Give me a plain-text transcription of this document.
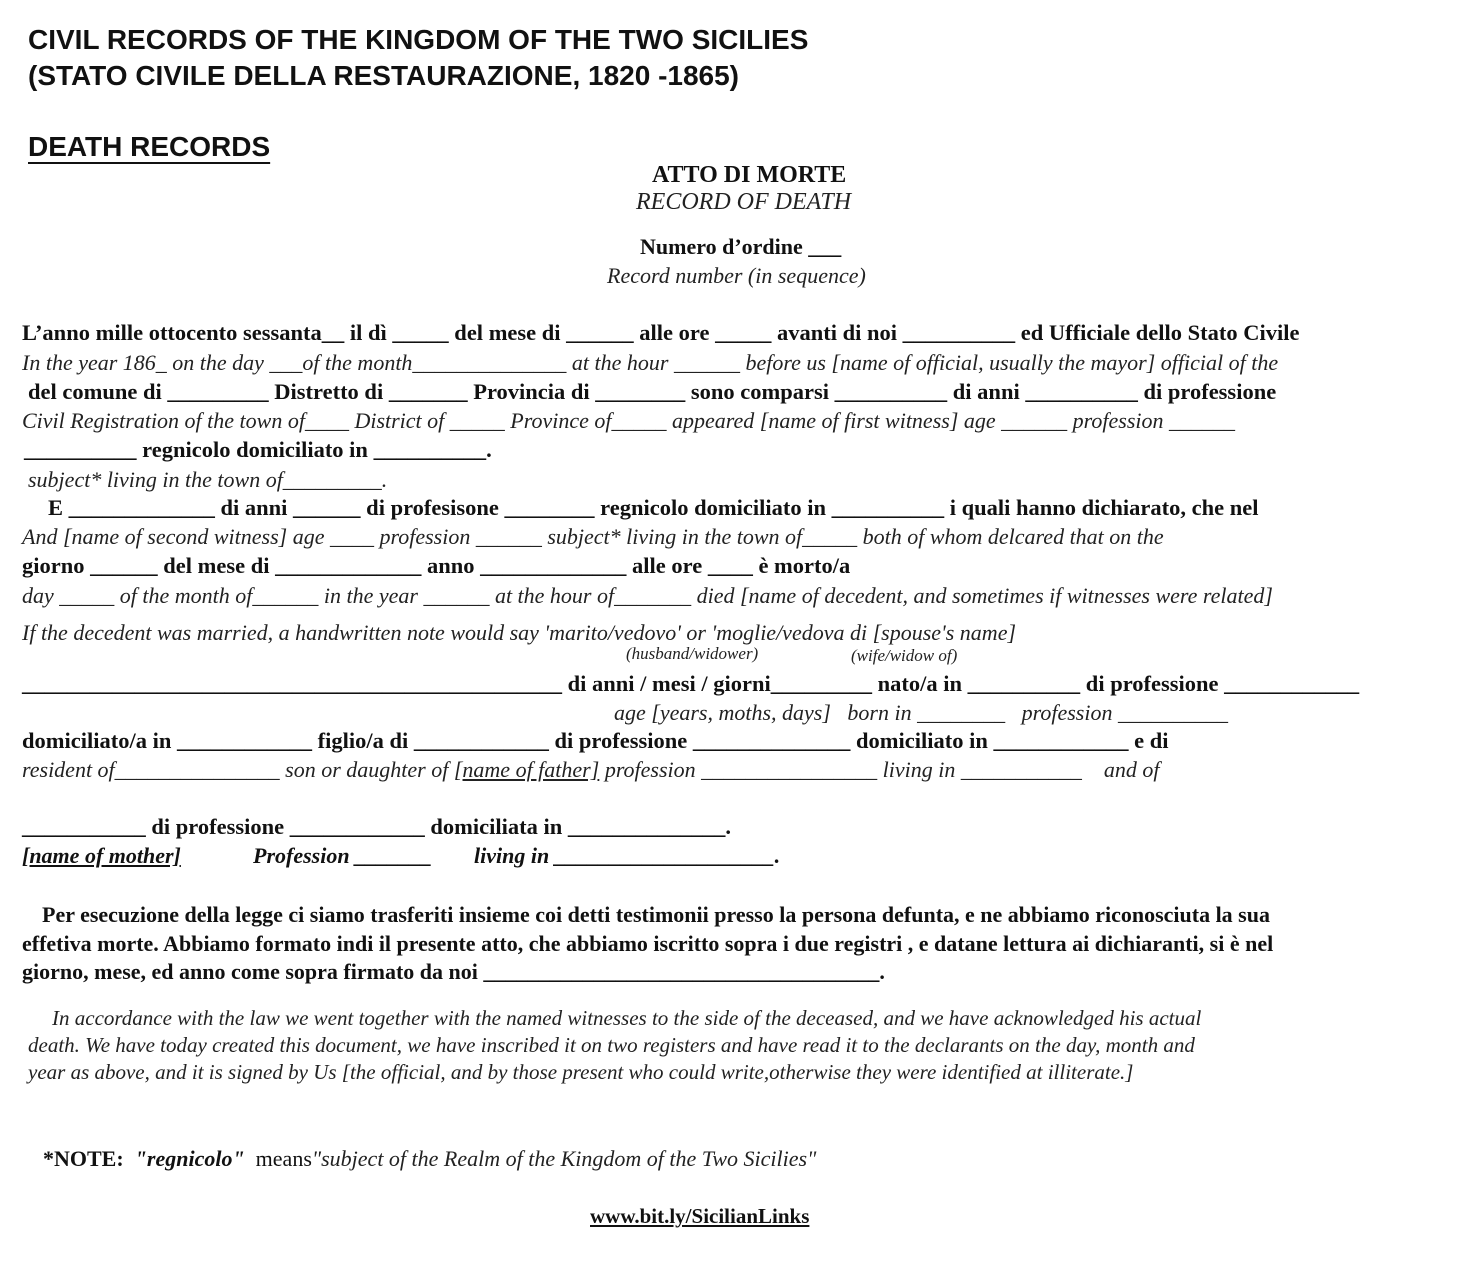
CIVIL RECORDS OF THE KINGDOM OF THE TWO SICILIES
(STATO CIVILE DELLA RESTAURAZIONE, 1820 -1865)
DEATH RECORDS
ATTO DI MORTE
RECORD OF DEATH
Numero d’ordine ___
Record number (in sequence)
L’anno mille ottocento sessanta__ il dì _____ del mese di ______ alle ore _____ avanti di noi __________ ed Ufficiale dello Stato Civile
In the year 186_ on the day ___of the month______________ at the hour ______ before us [name of official, usually the mayor] official of the
del comune di _________ Distretto di _______ Provincia di ________ sono comparsi __________ di anni __________ di professione
Civil Registration of the town of____ District of _____ Province of_____ appeared [name of first witness] age ______ profession ______
__________ regnicolo domiciliato in __________.
subject* living in the town of_________.
E _____________ di anni ______ di profesisone ________ regnicolo domiciliato in __________ i quali hanno dichiarato, che nel
And [name of second witness] age ____ profession ______ subject* living in the town of_____ both of whom delcared that on the
giorno ______ del mese di _____________ anno _____________ alle ore ____ è morto/a
day _____ of the month of______ in the year ______ at the hour of_______ died [name of decedent, and sometimes if witnesses were related]
If the decedent was married, a handwritten note would say 'marito/vedovo' or 'moglie/vedova di [spouse's name]
(husband/widower)	(wife/widow of)
________________________________________________ di anni / mesi / giorni_________ nato/a in __________ di professione ____________
age [years, moths, days]   born in ________   profession __________
domiciliato/a in ____________ figlio/a di ____________ di professione ______________ domiciliato in ____________ e di
resident of_______________ son or daughter of [name of father] profession ________________ living in ___________    and of
___________ di professione ____________ domiciliata in ______________.
[name of mother]	Profession _______ living in ____________________.
Per esecuzione della legge ci siamo trasferiti insieme coi detti testimonii presso la persona defunta, e ne abbiamo riconosciuta la sua
effetiva morte. Abbiamo formato indi il presente atto, che abbiamo iscritto sopra i due registri , e datane lettura ai dichiaranti, si è nel
giorno, mese, ed anno come sopra firmato da noi ____________________________________.
In accordance with the law we went together with the named witnesses to the side of the deceased, and we have acknowledged his actual
death. We have today created this document, we have inscribed it on two registers and have read it to the declarants on the day, month and
year as above, and it is signed by Us [the official, and by those present who could write,otherwise they were identified at illiterate.]

*NOTE: "regnicolo" means"subject of the Realm of the Kingdom of the Two Sicilies"

www.bit.ly/SicilianLinks
